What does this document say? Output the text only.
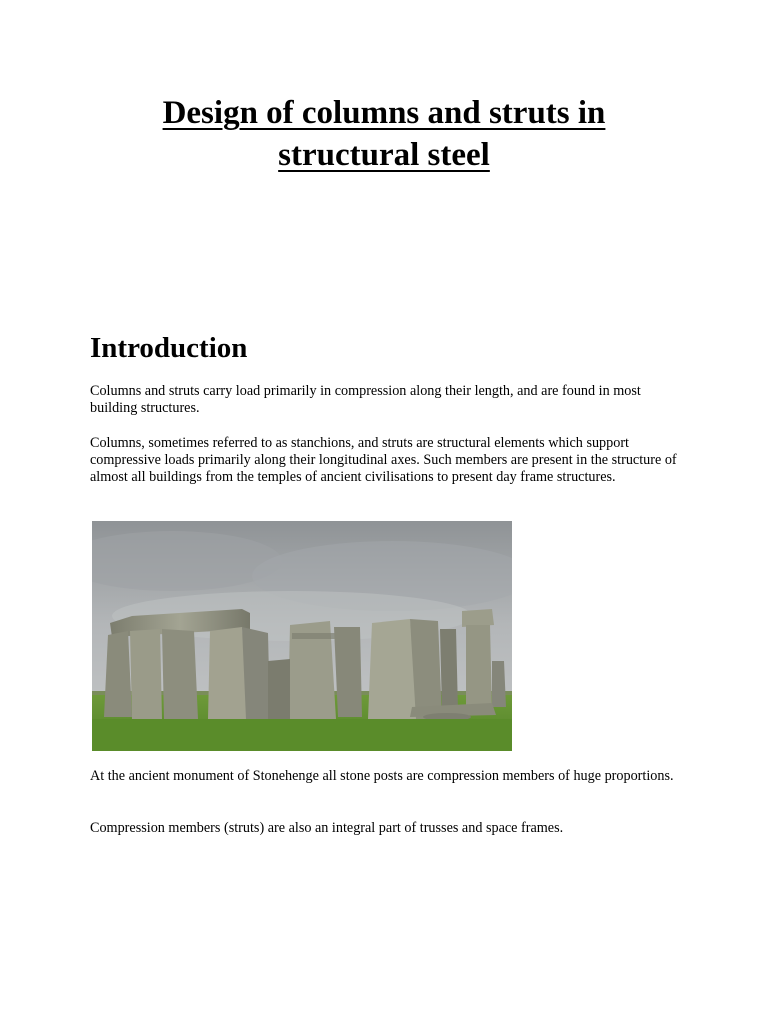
Design of columns and struts in
structural steel
Introduction

Columns and struts carry load primarily in compression along their length, and are found in most building structures.

Columns, sometimes referred to as stanchions, and struts are structural elements which support compressive loads primarily along their longitudinal axes. Such members are present in the structure of almost all buildings from the temples of ancient civilisations to present day frame structures.

At the ancient monument of Stonehenge all stone posts are compression members of huge proportions.

Compression members (struts) are also an integral part of trusses and space frames.
